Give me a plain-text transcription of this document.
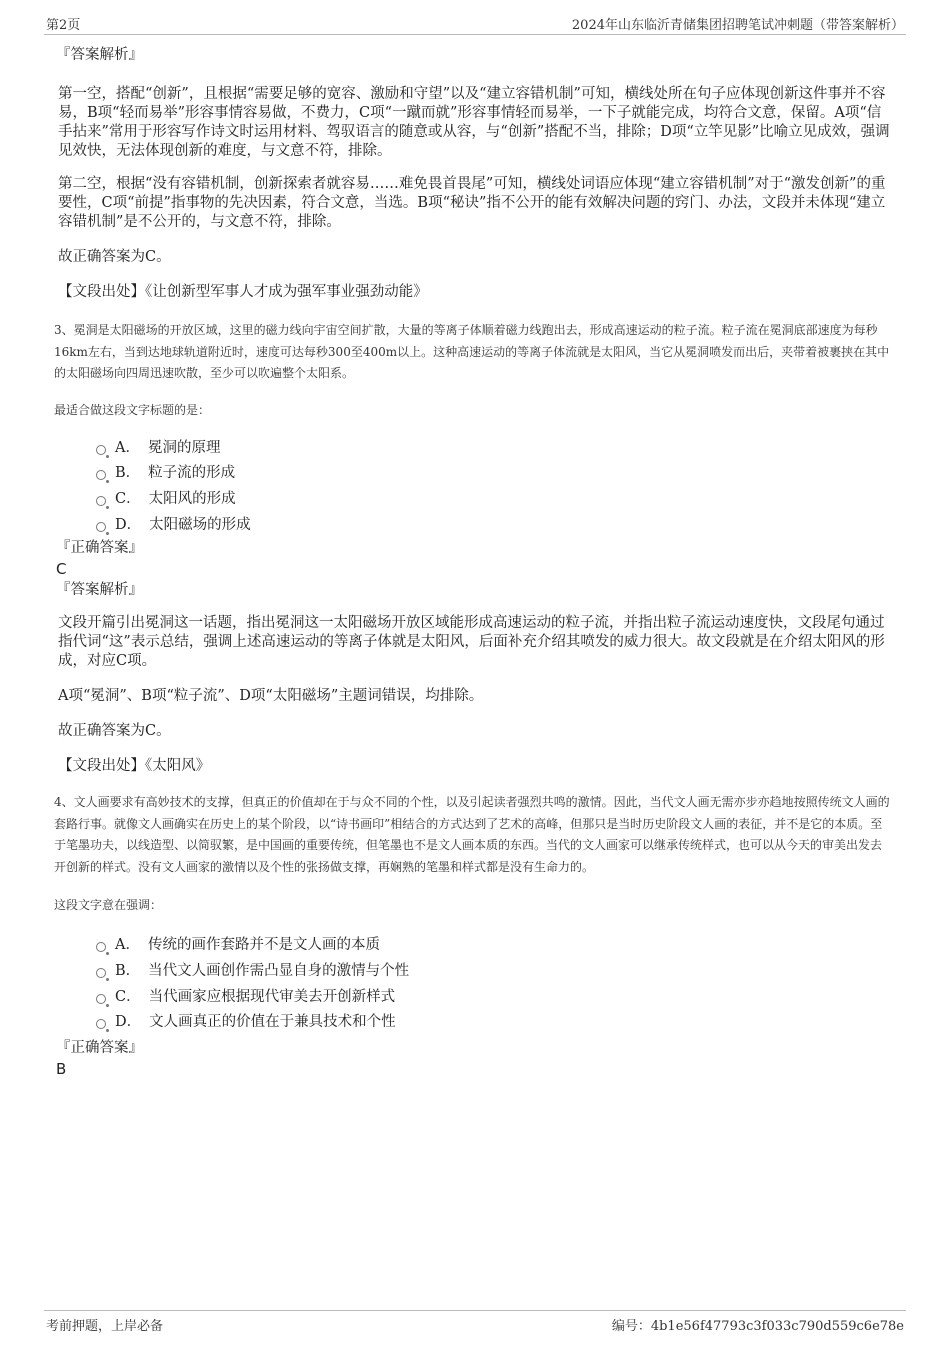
第2页	2024年山东临沂青储集团招聘笔试冲刺题（带答案解析）

『答案解析』

第一空，搭配“创新”，且根据“需要足够的宽容、激励和守望”以及“建立容错机制”可知，横线处所在句子应体现创新这件事并不容易，B项“轻而易举”形容事情容易做，不费力，C项“一蹴而就”形容事情轻而易举，一下子就能完成，均符合文意，保留。A项“信手拈来”常用于形容写作诗文时运用材料、驾驭语言的随意或从容，与“创新”搭配不当，排除；D项“立竿见影”比喻立见成效，强调见效快，无法体现创新的难度，与文意不符，排除。

第二空，根据“没有容错机制，创新探索者就容易……难免畏首畏尾”可知，横线处词语应体现“建立容错机制”对于“激发创新”的重要性，C项“前提”指事物的先决因素，符合文意，当选。B项“秘诀”指不公开的能有效解决问题的窍门、办法，文段并未体现“建立容错机制”是不公开的，与文意不符，排除。

故正确答案为C。

【文段出处】《让创新型军事人才成为强军事业强劲动能》

3、冕洞是太阳磁场的开放区域，这里的磁力线向宇宙空间扩散，大量的等离子体顺着磁力线跑出去，形成高速运动的粒子流。粒子流在冕洞底部速度为每秒16km左右，当到达地球轨道附近时，速度可达每秒300至400m以上。这种高速运动的等离子体流就是太阳风，当它从冕洞喷发而出后，夹带着被裹挟在其中的太阳磁场向四周迅速吹散，至少可以吹遍整个太阳系。

最适合做这段文字标题的是：

A． 冕洞的原理
B． 粒子流的形成
C． 太阳风的形成
D． 太阳磁场的形成

『正确答案』

C

『答案解析』

文段开篇引出冕洞这一话题，指出冕洞这一太阳磁场开放区域能形成高速运动的粒子流，并指出粒子流运动速度快，文段尾句通过指代词“这”表示总结，强调上述高速运动的等离子体就是太阳风，后面补充介绍其喷发的威力很大。故文段就是在介绍太阳风的形成，对应C项。

A项“冕洞”、B项“粒子流”、D项“太阳磁场”主题词错误，均排除。

故正确答案为C。

【文段出处】《太阳风》

4、文人画要求有高妙技术的支撑，但真正的价值却在于与众不同的个性，以及引起读者强烈共鸣的激情。因此，当代文人画无需亦步亦趋地按照传统文人画的套路行事。就像文人画确实在历史上的某个阶段，以“诗书画印”相结合的方式达到了艺术的高峰，但那只是当时历史阶段文人画的表征，并不是它的本质。至于笔墨功夫，以线造型、以简驭繁，是中国画的重要传统，但笔墨也不是文人画本质的东西。当代的文人画家可以继承传统样式，也可以从今天的审美出发去开创新的样式。没有文人画家的激情以及个性的张扬做支撑，再娴熟的笔墨和样式都是没有生命力的。

这段文字意在强调：

A． 传统的画作套路并不是文人画的本质
B． 当代文人画创作需凸显自身的激情与个性
C． 当代画家应根据现代审美去开创新样式
D． 文人画真正的价值在于兼具技术和个性

『正确答案』

B

考前押题，上岸必备	编号：4b1e56f47793c3f033c790d559c6e78e
